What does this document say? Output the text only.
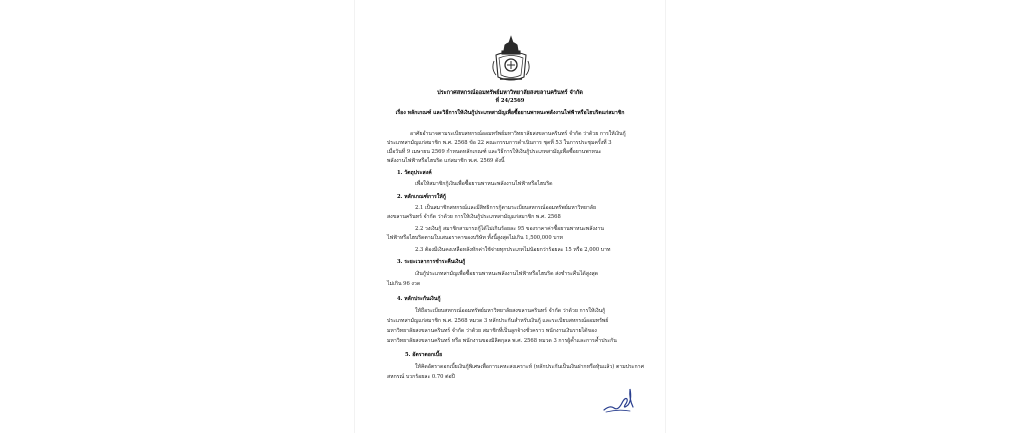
ประกาศสหกรณ์ออมทรัพย์มหาวิทยาลัยสงขลานครินทร์ จำกัด
ที่ 24/2569
เรื่อง หลักเกณฑ์ และวิธีการให้เงินกู้ประเภทสามัญเพื่อซื้อยานพาหนะพลังงานไฟฟ้าหรือไฮบริดแก่สมาชิก
อาศัยอำนาจตามระเบียบสหกรณ์ออมทรัพย์มหาวิทยาลัยสงขลานครินทร์ จำกัด ว่าด้วย การให้เงินกู้
ประเภทสามัญแก่สมาชิก พ.ศ. 2568 ข้อ 22 คณะกรรมการดำเนินการ ชุดที่ 53 ในการประชุมครั้งที่ 3
เมื่อวันที่ 9 เมษายน 2569 กำหนดหลักเกณฑ์ และวิธีการให้เงินกู้ประเภทสามัญเพื่อซื้อยานพาหนะ
พลังงานไฟฟ้าหรือไฮบริด แก่สมาชิก พ.ศ. 2569 ดังนี้
1. วัตถุประสงค์
เพื่อให้สมาชิกกู้เงินเพื่อซื้อยานพาหนะพลังงานไฟฟ้าหรือไฮบริด
2. หลักเกณฑ์การให้กู้
2.1 เป็นสมาชิกสหกรณ์และมีสิทธิการกู้ตามระเบียบสหกรณ์ออมทรัพย์มหาวิทยาลัย
สงขลานครินทร์ จำกัด ว่าด้วย การให้เงินกู้ประเภทสามัญแก่สมาชิก พ.ศ. 2568
2.2 วงเงินกู้ สมาชิกสามารถกู้ได้ไม่เกินร้อยละ 95 ของราคาค่าซื้อยานพาหนะพลังงาน
ไฟฟ้าหรือไฮบริดตามใบเสนอราคาของบริษัท ทั้งนี้สูงสุดไม่เกิน 1,500,000 บาท
2.3 ต้องมีเงินคงเหลือหลังหักค่าใช้จ่ายทุกประเภทไม่น้อยกว่าร้อยละ 15 หรือ 2,000 บาท
3. ระยะเวลาการชำระคืนเงินกู้
เงินกู้ประเภทสามัญเพื่อซื้อยานพาหนะพลังงานไฟฟ้าหรือไฮบริด ส่งชำระคืนได้สูงสุด
ไม่เกิน 96 งวด
4. หลักประกันเงินกู้
ให้ถือระเบียบสหกรณ์ออมทรัพย์มหาวิทยาลัยสงขลานครินทร์ จำกัด ว่าด้วย การให้เงินกู้
ประเภทสามัญแก่สมาชิก พ.ศ. 2568 หมวด 3 หลักประกันสำหรับเงินกู้ และระเบียบสหกรณ์ออมทรัพย์
มหาวิทยาลัยสงขลานครินทร์ จำกัด ว่าด้วย สมาชิกที่เป็นลูกจ้างชั่วคราว พนักงานเงินรายได้ของ
มหาวิทยาลัยสงขลานครินทร์ หรือ พนักงานของมิลิตกุลล พ.ศ. 2568 หมวด 3 การผู้ค้ำและการค้ำประกัน
5. อัตราดอกเบี้ย
ให้คิดอัตราดอกเบี้ยเงินกู้พิเศษเพื่อการเคหะสงเคราะห์ (หลักประกันเป็นเงินฝากหรือหุ้นแล้ว) ตามประกาศ
สหกรณ์ บวกร้อยละ 0.70 ต่อปี
